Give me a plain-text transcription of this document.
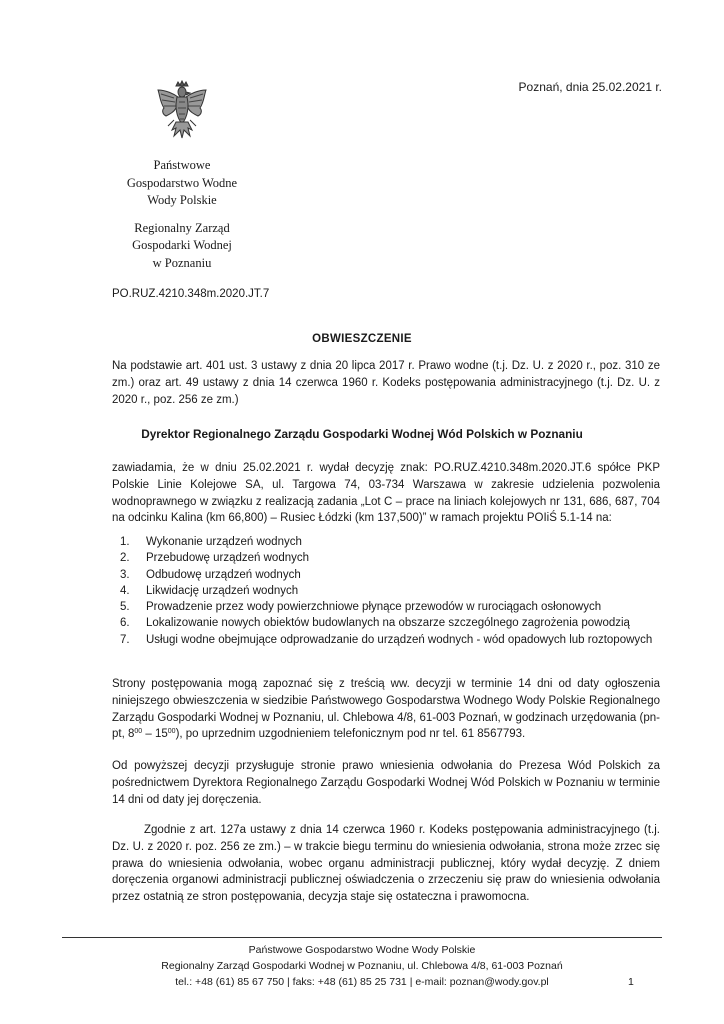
Poznań, dnia 25.02.2021 r.
Państwowe
Gospodarstwo Wodne
Wody Polskie
Regionalny Zarząd
Gospodarki Wodnej
w Poznaniu
PO.RUZ.4210.348m.2020.JT.7
OBWIESZCZENIE
Na podstawie art. 401 ust. 3 ustawy z dnia 20 lipca 2017 r. Prawo wodne (t.j. Dz. U. z 2020 r., poz. 310 ze zm.) oraz art. 49 ustawy z dnia 14 czerwca 1960 r. Kodeks postępowania administracyjnego (t.j. Dz. U. z 2020 r., poz. 256 ze zm.)
Dyrektor Regionalnego Zarządu Gospodarki Wodnej Wód Polskich w Poznaniu
zawiadamia, że w dniu 25.02.2021 r. wydał decyzję znak: PO.RUZ.4210.348m.2020.JT.6 spółce PKP Polskie Linie Kolejowe SA, ul. Targowa 74, 03-734 Warszawa w zakresie udzielenia pozwolenia wodnoprawnego w związku z realizacją zadania „Lot C – prace na liniach kolejowych nr 131, 686, 687, 704 na odcinku Kalina (km 66,800) – Rusiec Łódzki (km 137,500)” w ramach projektu POIiŚ 5.1-14 na:
1.	Wykonanie urządzeń wodnych
2.	Przebudowę urządzeń wodnych
3.	Odbudowę urządzeń wodnych
4.	Likwidację urządzeń wodnych
5.	Prowadzenie przez wody powierzchniowe płynące przewodów w rurociągach osłonowych
6.	Lokalizowanie nowych obiektów budowlanych na obszarze szczególnego zagrożenia powodzią
7.	Usługi wodne obejmujące odprowadzanie do urządzeń wodnych - wód opadowych lub roztopowych
Strony postępowania mogą zapoznać się z treścią ww. decyzji w terminie 14 dni od daty ogłoszenia niniejszego obwieszczenia w siedzibie Państwowego Gospodarstwa Wodnego Wody Polskie Regionalnego Zarządu Gospodarki Wodnej w Poznaniu, ul. Chlebowa 4/8, 61-003 Poznań, w godzinach urzędowania (pn-pt, $8^{00} - 15^{00}$), po uprzednim uzgodnieniem telefonicznym pod nr tel. 61 8567793.
Od powyższej decyzji przysługuje stronie prawo wniesienia odwołania do Prezesa Wód Polskich za pośrednictwem Dyrektora Regionalnego Zarządu Gospodarki Wodnej Wód Polskich w Poznaniu w terminie 14 dni od daty jej doręczenia.
Zgodnie z art. 127a ustawy z dnia 14 czerwca 1960 r. Kodeks postępowania administracyjnego (t.j. Dz. U. z 2020 r. poz. 256 ze zm.) – w trakcie biegu terminu do wniesienia odwołania, strona może zrzec się prawa do wniesienia odwołania, wobec organu administracji publicznej, który wydał decyzję. Z dniem doręczenia organowi administracji publicznej oświadczenia o zrzeczeniu się praw do wniesienia odwołania przez ostatnią ze stron postępowania, decyzja staje się ostateczna i prawomocna.
Państwowe Gospodarstwo Wodne Wody Polskie
Regionalny Zarząd Gospodarki Wodnej w Poznaniu, ul. Chlebowa 4/8, 61-003 Poznań
tel.: +48 (61) 85 67 750 | faks: +48 (61) 85 25 731 | e-mail: poznan@wody.gov.pl	1
